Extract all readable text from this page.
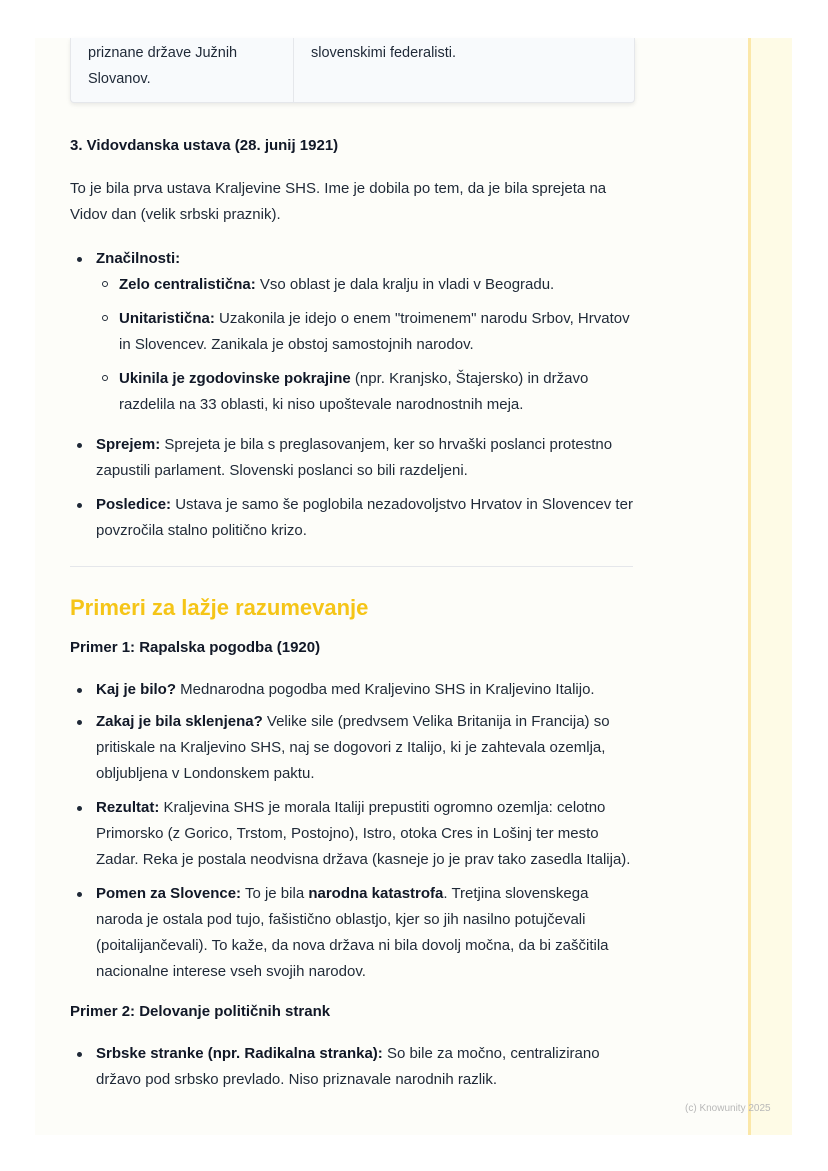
priznane države Južnih Slovanov.
slovenskimi federalisti.
3. Vidovdanska ustava (28. junij 1921)

To je bila prva ustava Kraljevine SHS. Ime je dobila po tem, da je bila sprejeta na Vidov dan (velik srbski praznik).

Značilnosti:
Zelo centralistična: Vso oblast je dala kralju in vladi v Beogradu.
Unitaristična: Uzakonila je idejo o enem "troimenem" narodu Srbov, Hrvatov in Slovencev. Zanikala je obstoj samostojnih narodov.
Ukinila je zgodovinske pokrajine (npr. Kranjsko, Štajersko) in državo razdelila na 33 oblasti, ki niso upoštevale narodnostnih meja.
Sprejem: Sprejeta je bila s preglasovanjem, ker so hrvaški poslanci protestno zapustili parlament. Slovenski poslanci so bili razdeljeni.
Posledice: Ustava je samo še poglobila nezadovoljstvo Hrvatov in Slovencev ter povzročila stalno politično krizo.
Primeri za lažje razumevanje
Primer 1: Rapalska pogodba (1920)
Kaj je bilo? Mednarodna pogodba med Kraljevino SHS in Kraljevino Italijo.
Zakaj je bila sklenjena? Velike sile (predvsem Velika Britanija in Francija) so pritiskale na Kraljevino SHS, naj se dogovori z Italijo, ki je zahtevala ozemlja, obljubljena v Londonskem paktu.
Rezultat: Kraljevina SHS je morala Italiji prepustiti ogromno ozemlja: celotno Primorsko (z Gorico, Trstom, Postojno), Istro, otoka Cres in Lošinj ter mesto Zadar. Reka je postala neodvisna država (kasneje jo je prav tako zasedla Italija).
Pomen za Slovence: To je bila narodna katastrofa. Tretjina slovenskega naroda je ostala pod tujo, fašistično oblastjo, kjer so jih nasilno potujčevali (poitalijančevali). To kaže, da nova država ni bila dovolj močna, da bi zaščitila nacionalne interese vseh svojih narodov.
Primer 2: Delovanje političnih strank
Srbske stranke (npr. Radikalna stranka): So bile za močno, centralizirano državo pod srbsko prevlado. Niso priznavale narodnih razlik.
(c) Knowunity 2025
